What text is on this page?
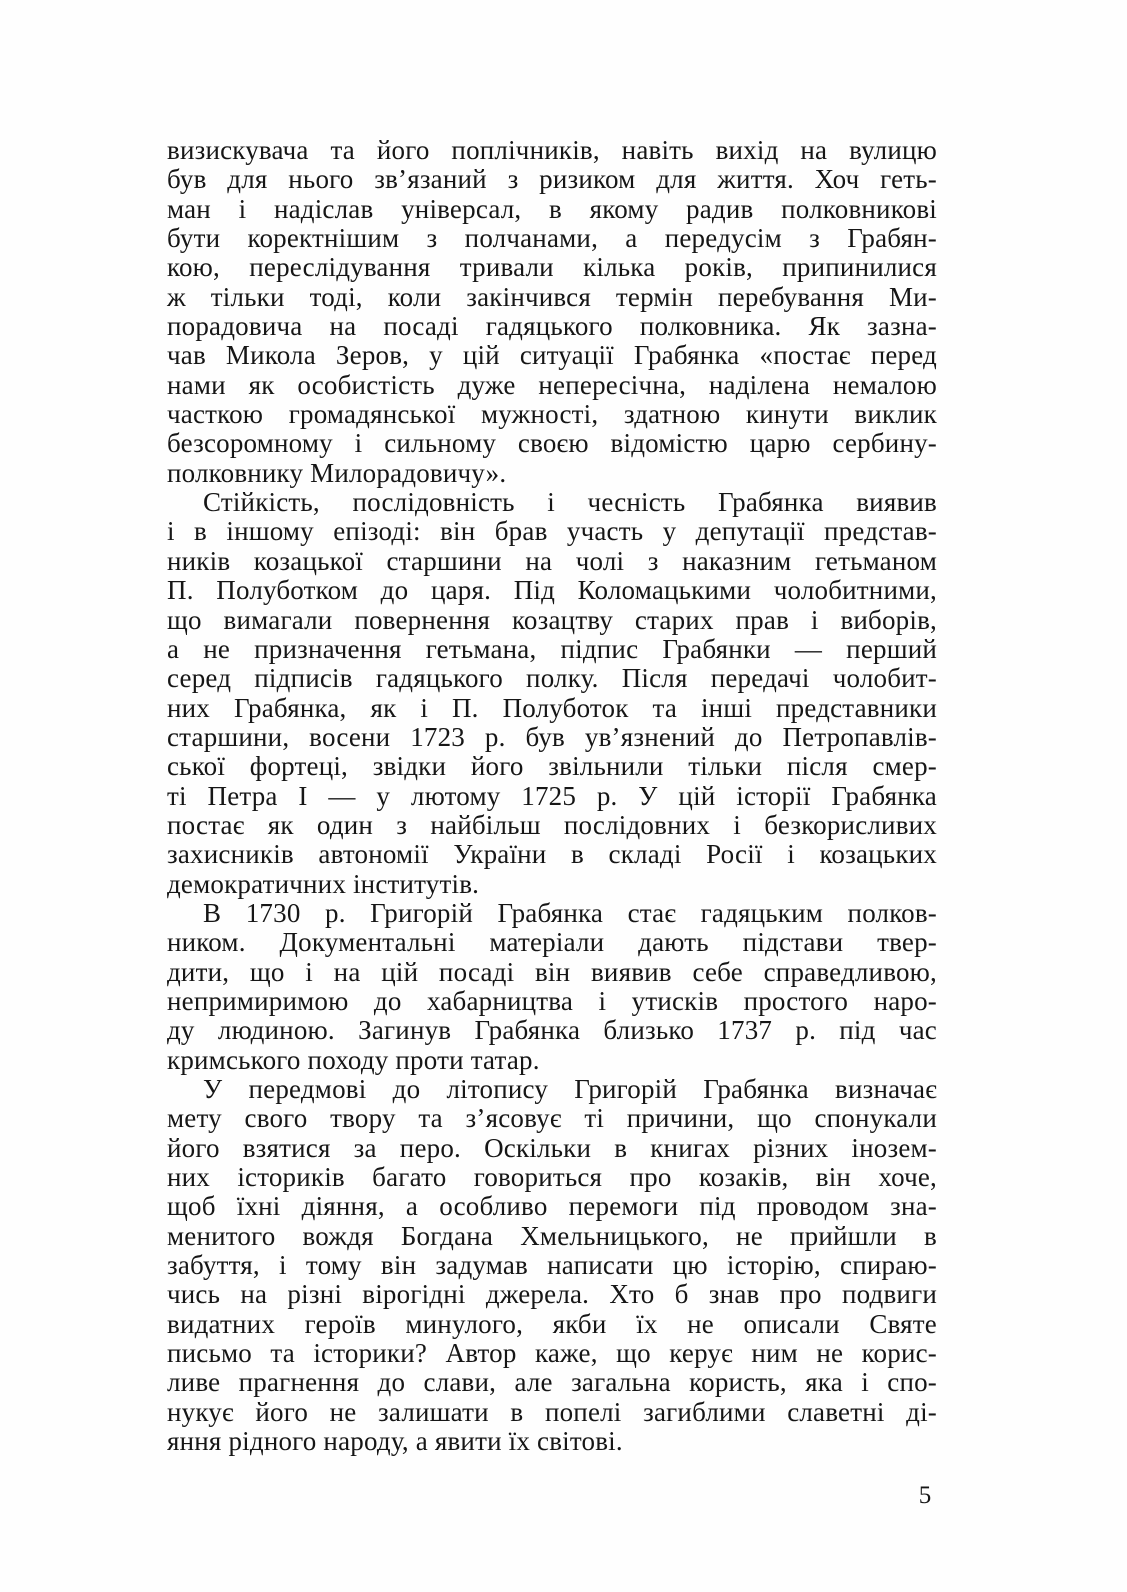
визискувача та його поплічників, навіть вихід на вулицю
був для нього зв’язаний з ризиком для життя. Хоч геть-
ман і надіслав універсал, в якому радив полковникові
бути коректнішим з полчанами, а передусім з Грабян-
кою, переслідування тривали кілька років, припинилися
ж тільки тоді, коли закінчився термін перебування Ми-
порадовича на посаді гадяцького полковника. Як зазна-
чав Микола Зеров, у цій ситуації Грабянка «постає перед
нами як особистість дуже непересічна, наділена немалою
часткою громадянської мужності, здатною кинути виклик
безсоромному і сильному своєю відомістю царю сербину-
полковнику Милорадовичу».
Стійкість, послідовність і чесність Грабянка виявив
і в іншому епізоді: він брав участь у депутації представ-
ників козацької старшини на чолі з наказним гетьманом
П. Полуботком до царя. Під Коломацькими чолобитними,
що вимагали повернення козацтву старих прав і виборів,
а не призначення гетьмана, підпис Грабянки — перший
серед підписів гадяцького полку. Після передачі чолобит-
них Грабянка, як і П. Полуботок та інші представники
старшини, восени 1723 р. був ув’язнений до Петропавлів-
ської фортеці, звідки його звільнили тільки після смер-
ті Петра I — у лютому 1725 р. У цій історії Грабянка
постає як один з найбільш послідовних і безкорисливих
захисників автономії України в складі Росії і козацьких
демократичних інститутів.
В 1730 р. Григорій Грабянка стає гадяцьким полков-
ником. Документальні матеріали дають підстави твер-
дити, що і на цій посаді він виявив себе справедливою,
непримиримою до хабарництва і утисків простого наро-
ду людиною. Загинув Грабянка близько 1737 р. під час
кримського походу проти татар.
У передмові до літопису Григорій Грабянка визначає
мету свого твору та з’ясовує ті причини, що спонукали
його взятися за перо. Оскільки в книгах різних інозем-
них істориків багато говориться про козаків, він хоче,
щоб їхні діяння, а особливо перемоги під проводом зна-
менитого вождя Богдана Хмельницького, не прийшли в
забуття, і тому він задумав написати цю історію, спираю-
чись на різні вірогідні джерела. Хто б знав про подвиги
видатних героїв минулого, якби їх не описали Святе
письмо та історики? Автор каже, що керує ним не корис-
ливе прагнення до слави, але загальна користь, яка і спо-
нукує його не залишати в попелі загиблими славетні ді-
яння рідного народу, а явити їх світові.
5
